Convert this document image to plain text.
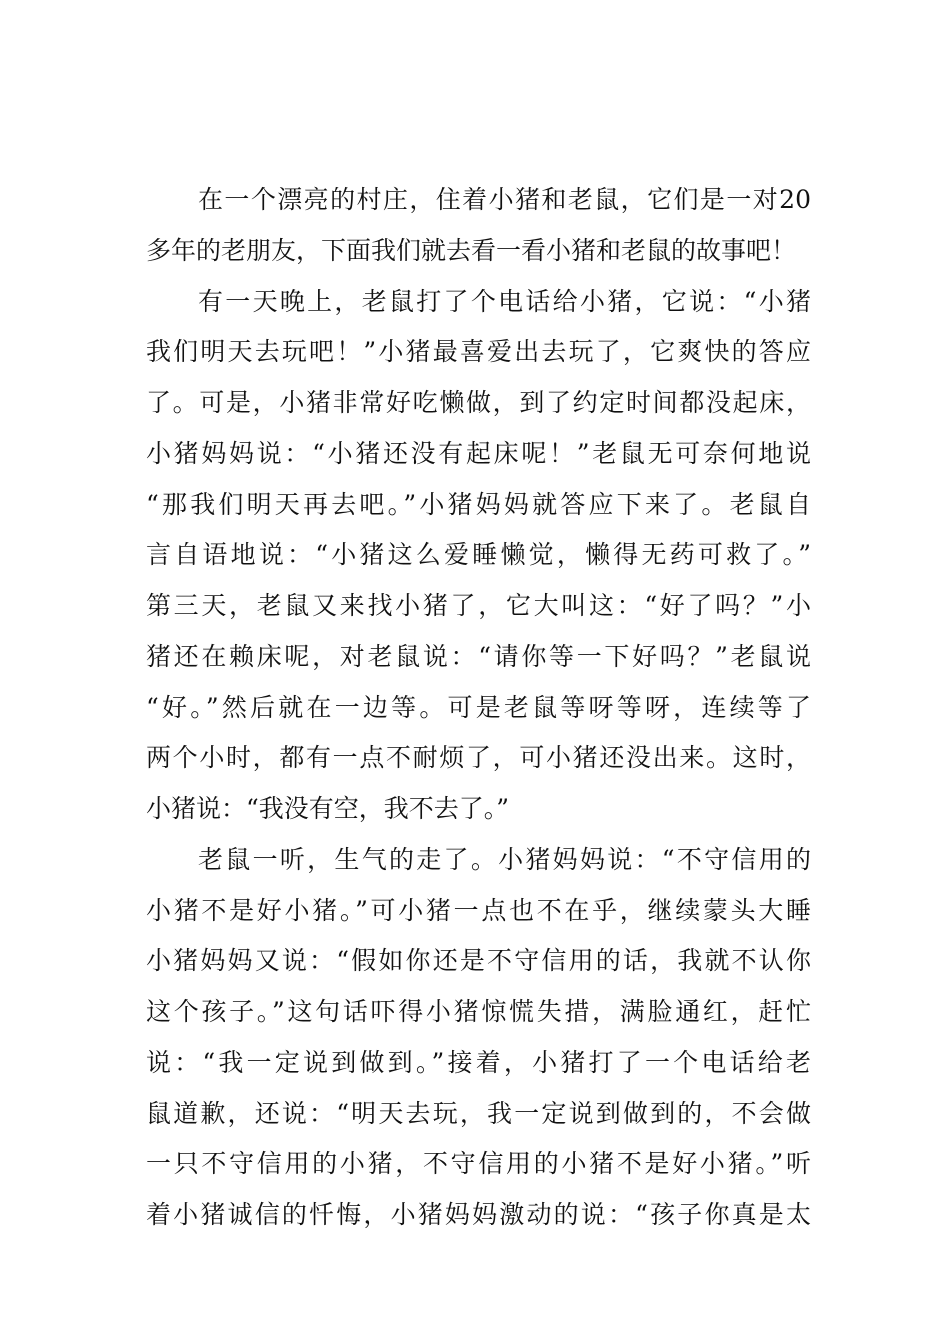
在一个漂亮的村庄，住着小猪和老鼠，它们是一对20
多年的老朋友，下面我们就去看一看小猪和老鼠的故事吧！
有一天晚上，老鼠打了个电话给小猪，它说：“小猪
我们明天去玩吧！”小猪最喜爱出去玩了，它爽快的答应
了。可是，小猪非常好吃懒做，到了约定时间都没起床，
小猪妈妈说：“小猪还没有起床呢！”老鼠无可奈何地说
“那我们明天再去吧。”小猪妈妈就答应下来了。老鼠自
言自语地说：“小猪这么爱睡懒觉，懒得无药可救了。”
第三天，老鼠又来找小猪了，它大叫这：“好了吗？”小
猪还在赖床呢，对老鼠说：“请你等一下好吗？”老鼠说
“好。”然后就在一边等。可是老鼠等呀等呀，连续等了
两个小时，都有一点不耐烦了，可小猪还没出来。这时，
小猪说：“我没有空，我不去了。”
老鼠一听，生气的走了。小猪妈妈说：“不守信用的
小猪不是好小猪。”可小猪一点也不在乎，继续蒙头大睡
小猪妈妈又说：“假如你还是不守信用的话，我就不认你
这个孩子。”这句话吓得小猪惊慌失措，满脸通红，赶忙
说：“我一定说到做到。”接着，小猪打了一个电话给老
鼠道歉，还说：“明天去玩，我一定说到做到的，不会做
一只不守信用的小猪，不守信用的小猪不是好小猪。”听
着小猪诚信的忏悔，小猪妈妈激动的说：“孩子你真是太
